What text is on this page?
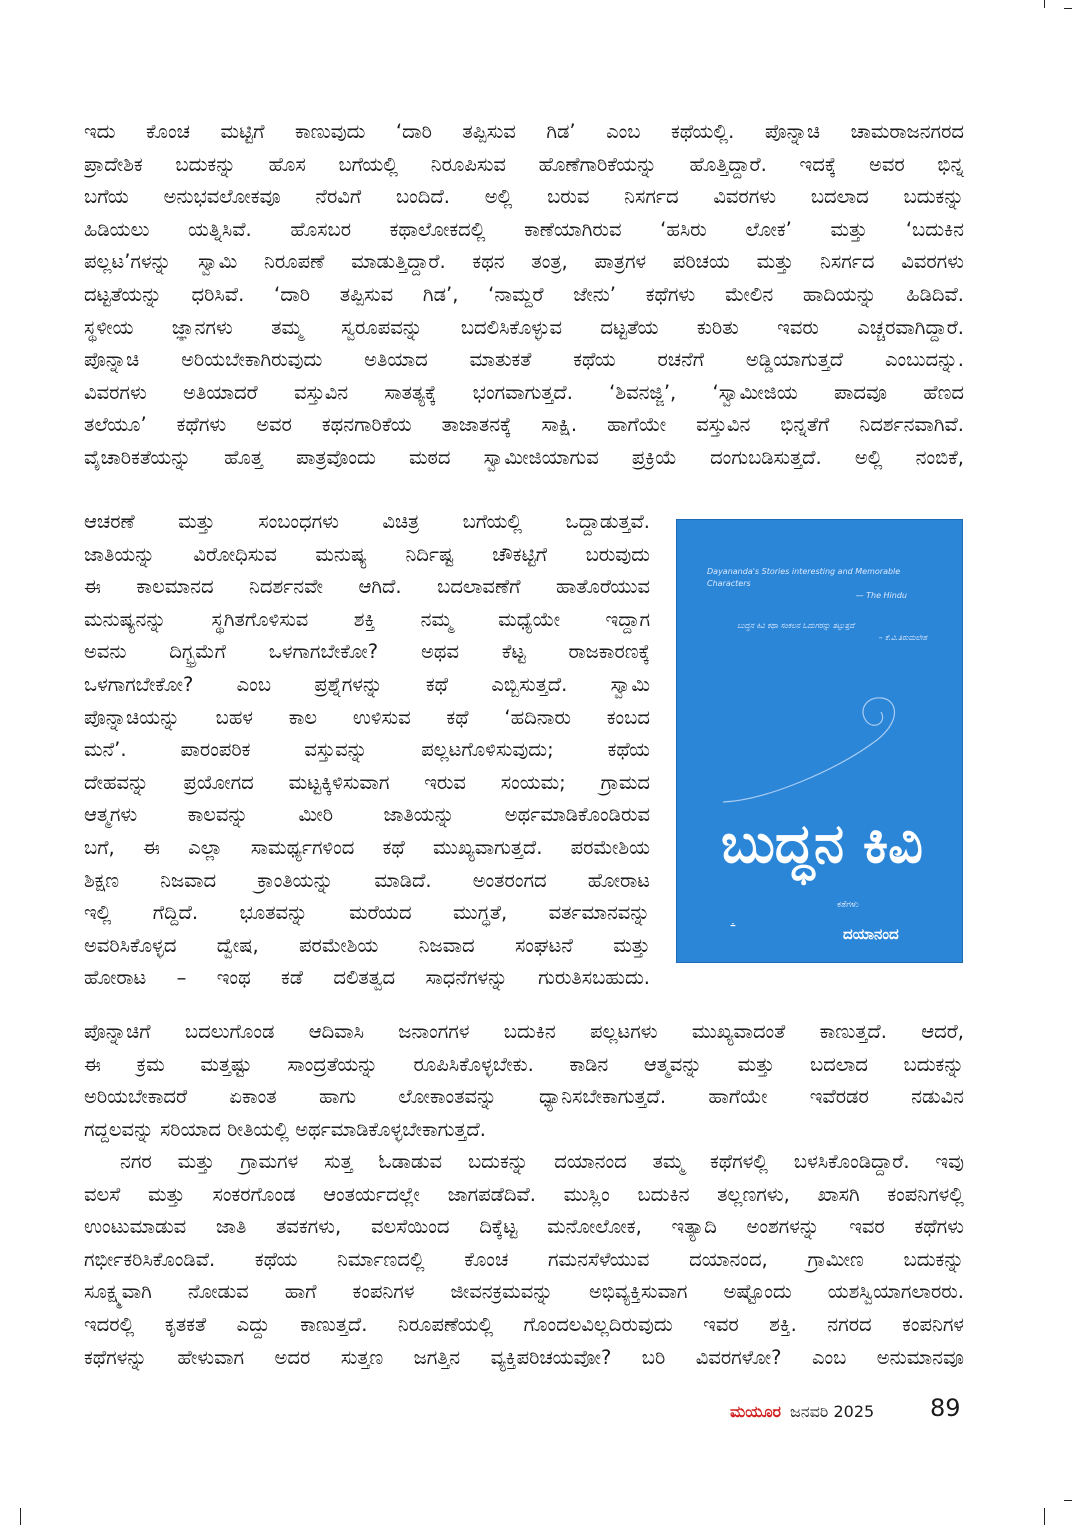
ಇದು ಕೊಂಚ ಮಟ್ಟಿಗೆ ಕಾಣುವುದು ‘ದಾರಿ ತಪ್ಪಿಸುವ ಗಿಡ’ ಎಂಬ ಕಥೆಯಲ್ಲಿ. ಪೊನ್ನಾಚಿ ಚಾಮರಾಜನಗರದ
ಪ್ರಾದೇಶಿಕ ಬದುಕನ್ನು ಹೊಸ ಬಗೆಯಲ್ಲಿ ನಿರೂಪಿಸುವ ಹೊಣೆಗಾರಿಕೆಯನ್ನು ಹೊತ್ತಿದ್ದಾರೆ. ಇದಕ್ಕೆ ಅವರ ಭಿನ್ನ
ಬಗೆಯ ಅನುಭವಲೋಕವೂ ನೆರವಿಗೆ ಬಂದಿದೆ. ಅಲ್ಲಿ ಬರುವ ನಿಸರ್ಗದ ವಿವರಗಳು ಬದಲಾದ ಬದುಕನ್ನು
ಹಿಡಿಯಲು ಯತ್ನಿಸಿವೆ. ಹೊಸಬರ ಕಥಾಲೋಕದಲ್ಲಿ ಕಾಣೆಯಾಗಿರುವ ‘ಹಸಿರು ಲೋಕ’ ಮತ್ತು ‘ಬದುಕಿನ
ಪಲ್ಲಟ’ಗಳನ್ನು ಸ್ವಾಮಿ ನಿರೂಪಣೆ ಮಾಡುತ್ತಿದ್ದಾರೆ. ಕಥನ ತಂತ್ರ, ಪಾತ್ರಗಳ ಪರಿಚಯ ಮತ್ತು ನಿಸರ್ಗದ ವಿವರಗಳು
ದಟ್ಟತೆಯನ್ನು ಧರಿಸಿವೆ. ‘ದಾರಿ ತಪ್ಪಿಸುವ ಗಿಡ’, ‘ನಾಮ್ದರೆ ಜೇನು’ ಕಥೆಗಳು ಮೇಲಿನ ಹಾದಿಯನ್ನು ಹಿಡಿದಿವೆ.
ಸ್ಥಳೀಯ ಜ್ಞಾನಗಳು ತಮ್ಮ ಸ್ವರೂಪವನ್ನು ಬದಲಿಸಿಕೊಳ್ಳುವ ದಟ್ಟತೆಯ ಕುರಿತು ಇವರು ಎಚ್ಚರವಾಗಿದ್ದಾರೆ.
ಪೊನ್ನಾಚಿ ಅರಿಯಬೇಕಾಗಿರುವುದು ಅತಿಯಾದ ಮಾತುಕತೆ ಕಥೆಯ ರಚನೆಗೆ ಅಡ್ಡಿಯಾಗುತ್ತದೆ ಎಂಬುದನ್ನು.
ವಿವರಗಳು ಅತಿಯಾದರೆ ವಸ್ತುವಿನ ಸಾತತ್ಯಕ್ಕೆ ಭಂಗವಾಗುತ್ತದೆ. ‘ಶಿವನಜ್ಜಿ’, ‘ಸ್ವಾಮೀಜಿಯ ಪಾದವೂ ಹೆಣದ
ತಲೆಯೂ’ ಕಥೆಗಳು ಅವರ ಕಥನಗಾರಿಕೆಯ ತಾಜಾತನಕ್ಕೆ ಸಾಕ್ಷಿ. ಹಾಗೆಯೇ ವಸ್ತುವಿನ ಭಿನ್ನತೆಗೆ ನಿದರ್ಶನವಾಗಿವೆ.
ವೈಚಾರಿಕತೆಯನ್ನು ಹೊತ್ತ ಪಾತ್ರವೊಂದು ಮಠದ ಸ್ವಾಮೀಜಿಯಾಗುವ ಪ್ರಕ್ರಿಯೆ ದಂಗುಬಡಿಸುತ್ತದೆ. ಅಲ್ಲಿ ನಂಬಿಕೆ,
ಆಚರಣೆ ಮತ್ತು ಸಂಬಂಧಗಳು ವಿಚಿತ್ರ ಬಗೆಯಲ್ಲಿ ಒದ್ದಾಡುತ್ತವೆ.
ಜಾತಿಯನ್ನು ವಿರೋಧಿಸುವ ಮನುಷ್ಯ ನಿರ್ದಿಷ್ಟ ಚೌಕಟ್ಟಿಗೆ ಬರುವುದು
ಈ ಕಾಲಮಾನದ ನಿದರ್ಶನವೇ ಆಗಿದೆ. ಬದಲಾವಣೆಗೆ ಹಾತೊರೆಯುವ
ಮನುಷ್ಯನನ್ನು ಸ್ಥಗಿತಗೊಳಿಸುವ ಶಕ್ತಿ ನಮ್ಮ ಮಧ್ಯೆಯೇ ಇದ್ದಾಗ
ಅವನು ದಿಗ್ಭ್ರಮೆಗೆ ಒಳಗಾಗಬೇಕೋ? ಅಥವ ಕೆಟ್ಟ ರಾಜಕಾರಣಕ್ಕೆ
ಒಳಗಾಗಬೇಕೋ? ಎಂಬ ಪ್ರಶ್ನೆಗಳನ್ನು ಕಥೆ ಎಬ್ಬಿಸುತ್ತದೆ. ಸ್ವಾಮಿ
ಪೊನ್ನಾಚಿಯನ್ನು ಬಹಳ ಕಾಲ ಉಳಿಸುವ ಕಥೆ ‘ಹದಿನಾರು ಕಂಬದ
ಮನೆ’. ಪಾರಂಪರಿಕ ವಸ್ತುವನ್ನು ಪಲ್ಲಟಗೊಳಿಸುವುದು; ಕಥೆಯ
ದೇಹವನ್ನು ಪ್ರಯೋಗದ ಮಟ್ಟಕ್ಕಿಳಿಸುವಾಗ ಇರುವ ಸಂಯಮ; ಗ್ರಾಮದ
ಆತ್ಮಗಳು ಕಾಲವನ್ನು ಮೀರಿ ಜಾತಿಯನ್ನು ಅರ್ಥಮಾಡಿಕೊಂಡಿರುವ
ಬಗೆ, ಈ ಎಲ್ಲಾ ಸಾಮರ್ಥ್ಯಗಳಿಂದ ಕಥೆ ಮುಖ್ಯವಾಗುತ್ತದೆ. ಪರಮೇಶಿಯ
ಶಿಕ್ಷಣ ನಿಜವಾದ ಕ್ರಾಂತಿಯನ್ನು ಮಾಡಿದೆ. ಅಂತರಂಗದ ಹೋರಾಟ
ಇಲ್ಲಿ ಗೆದ್ದಿದೆ. ಭೂತವನ್ನು ಮರೆಯದ ಮುಗ್ಧತೆ, ವರ್ತಮಾನವನ್ನು
ಅವರಿಸಿಕೊಳ್ಳದ ದ್ವೇಷ, ಪರಮೇಶಿಯ ನಿಜವಾದ ಸಂಘಟನೆ ಮತ್ತು
ಹೋರಾಟ – ಇಂಥ ಕಡೆ ದಲಿತತ್ವದ ಸಾಧನೆಗಳನ್ನು ಗುರುತಿಸಬಹುದು.
Dayananda's Stories interesting and Memorable Characters
— The Hindu
ಬುದ್ಧನ ಕಿವಿ ಕಥಾ ಸಂಕಲನ ಓದುಗರನ್ನು ತಟ್ಟುತ್ತದೆ
– ಕೆ.ವಿ.ತಿರುಮಲೇಶ
ಬುದ್ಧನ ಕಿವಿ
ಕತೆಗಳು
ದಯಾನಂದ
ಪೊನ್ನಾಚಿಗೆ ಬದಲುಗೊಂಡ ಆದಿವಾಸಿ ಜನಾಂಗಗಳ ಬದುಕಿನ ಪಲ್ಲಟಗಳು ಮುಖ್ಯವಾದಂತೆ ಕಾಣುತ್ತದೆ. ಆದರೆ,
ಈ ಕ್ರಮ ಮತ್ತಷ್ಟು ಸಾಂದ್ರತೆಯನ್ನು ರೂಪಿಸಿಕೊಳ್ಳಬೇಕು. ಕಾಡಿನ ಆತ್ಮವನ್ನು ಮತ್ತು ಬದಲಾದ ಬದುಕನ್ನು
ಅರಿಯಬೇಕಾದರೆ ಏಕಾಂತ ಹಾಗು ಲೋಕಾಂತವನ್ನು ಧ್ಯಾನಿಸಬೇಕಾಗುತ್ತದೆ. ಹಾಗೆಯೇ ಇವೆರಡರ ನಡುವಿನ
ಗದ್ದಲವನ್ನು ಸರಿಯಾದ ರೀತಿಯಲ್ಲಿ ಅರ್ಥಮಾಡಿಕೊಳ್ಳಬೇಕಾಗುತ್ತದೆ.
ನಗರ ಮತ್ತು ಗ್ರಾಮಗಳ ಸುತ್ತ ಓಡಾಡುವ ಬದುಕನ್ನು ದಯಾನಂದ ತಮ್ಮ ಕಥೆಗಳಲ್ಲಿ ಬಳಸಿಕೊಂಡಿದ್ದಾರೆ. ಇವು
ವಲಸೆ ಮತ್ತು ಸಂಕರಗೊಂಡ ಆಂತರ್ಯದಲ್ಲೇ ಜಾಗಪಡೆದಿವೆ. ಮುಸ್ಲಿಂ ಬದುಕಿನ ತಲ್ಲಣಗಳು, ಖಾಸಗಿ ಕಂಪನಿಗಳಲ್ಲಿ
ಉಂಟುಮಾಡುವ ಜಾತಿ ತವಕಗಳು, ವಲಸೆಯಿಂದ ದಿಕ್ಕೆಟ್ಟ ಮನೋಲೋಕ, ಇತ್ಯಾದಿ ಅಂಶಗಳನ್ನು ಇವರ ಕಥೆಗಳು
ಗರ್ಭೀಕರಿಸಿಕೊಂಡಿವೆ. ಕಥೆಯ ನಿರ್ಮಾಣದಲ್ಲಿ ಕೊಂಚ ಗಮನಸೆಳೆಯುವ ದಯಾನಂದ, ಗ್ರಾಮೀಣ ಬದುಕನ್ನು
ಸೂಕ್ಷ್ಮವಾಗಿ ನೋಡುವ ಹಾಗೆ ಕಂಪನಿಗಳ ಜೀವನಕ್ರಮವನ್ನು ಅಭಿವ್ಯಕ್ತಿಸುವಾಗ ಅಷ್ಟೊಂದು ಯಶಸ್ವಿಯಾಗಲಾರರು.
ಇದರಲ್ಲಿ ಕೃತಕತೆ ಎದ್ದು ಕಾಣುತ್ತದೆ. ನಿರೂಪಣೆಯಲ್ಲಿ ಗೊಂದಲವಿಲ್ಲದಿರುವುದು ಇವರ ಶಕ್ತಿ. ನಗರದ ಕಂಪನಿಗಳ
ಕಥೆಗಳನ್ನು ಹೇಳುವಾಗ ಅದರ ಸುತ್ತಣ ಜಗತ್ತಿನ ವ್ಯಕ್ತಿಪರಿಚಯವೋ? ಬರಿ ವಿವರಗಳೋ? ಎಂಬ ಅನುಮಾನವೂ
ಮಯೂರ ಜನವರಿ 2025 89
